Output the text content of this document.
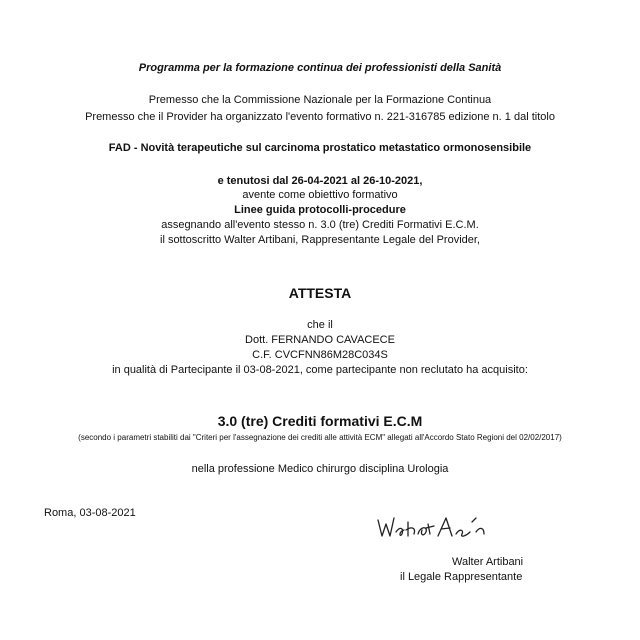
Programma per la formazione continua dei professionisti della Sanità
Premesso che la Commissione Nazionale per la Formazione Continua
Premesso che il Provider ha organizzato l'evento formativo n. 221-316785 edizione n. 1 dal titolo
FAD - Novità terapeutiche sul carcinoma prostatico metastatico ormonosensibile
e tenutosi dal 26-04-2021 al 26-10-2021,
avente come obiettivo formativo
Linee guida protocolli-procedure
assegnando all'evento stesso n. 3.0 (tre) Crediti Formativi E.C.M.
il sottoscritto Walter Artibani, Rappresentante Legale del Provider,
ATTESTA
che il
Dott. FERNANDO CAVACECE
C.F. CVCFNN86M28C034S
in qualità di Partecipante il 03-08-2021, come partecipante non reclutato ha acquisito:
3.0 (tre) Crediti formativi E.C.M
(secondo i parametri stabiliti dai "Criteri per l'assegnazione dei crediti alle attività ECM" allegati all'Accordo Stato Regioni del 02/02/2017)
nella professione Medico chirurgo disciplina Urologia
Roma, 03-08-2021
Walter Artibani
il Legale Rappresentante
